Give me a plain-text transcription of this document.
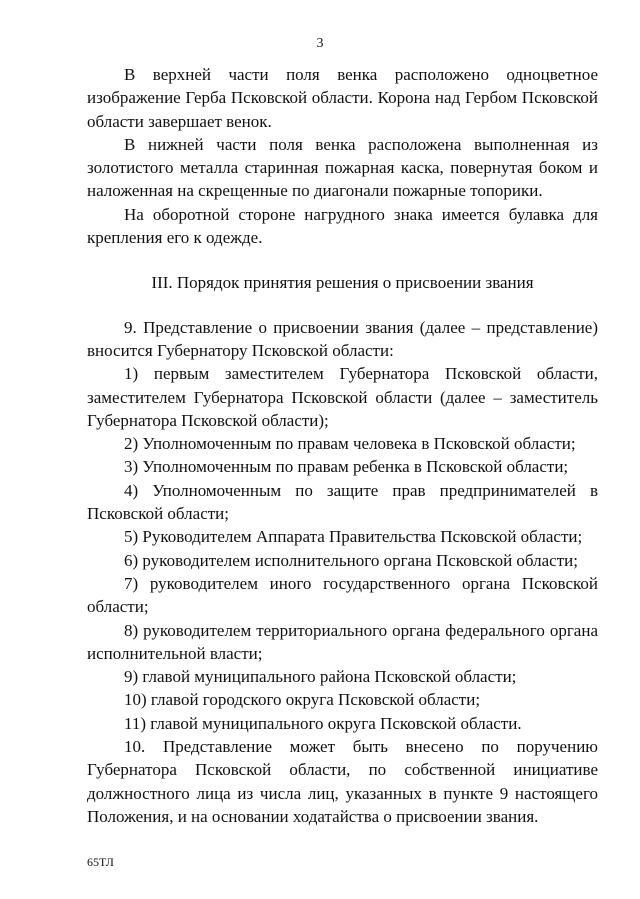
3

В верхней части поля венка расположено одноцветное изображение Герба Псковской области. Корона над Гербом Псковской области завершает венок.

В нижней части поля венка расположена выполненная из золотистого металла старинная пожарная каска, повернутая боком и наложенная на скрещенные по диагонали пожарные топорики.

На оборотной стороне нагрудного знака имеется булавка для крепления его к одежде.

III. Порядок принятия решения о присвоении звания

9. Представление о присвоении звания (далее – представление) вносится Губернатору Псковской области:

1) первым заместителем Губернатора Псковской области, заместителем Губернатора Псковской области (далее – заместитель Губернатора Псковской области);

2) Уполномоченным по правам человека в Псковской области;

3) Уполномоченным по правам ребенка в Псковской области;

4) Уполномоченным по защите прав предпринимателей в Псковской области;

5) Руководителем Аппарата Правительства Псковской области;

6) руководителем исполнительного органа Псковской области;

7) руководителем иного государственного органа Псковской области;

8) руководителем территориального органа федерального органа исполнительной власти;

9) главой муниципального района Псковской области;

10) главой городского округа Псковской области;

11) главой муниципального округа Псковской области.

10. Представление может быть внесено по поручению Губернатора Псковской области, по собственной инициативе должностного лица из числа лиц, указанных в пункте 9 настоящего Положения, и на основании ходатайства о присвоении звания.

65ТЛ
